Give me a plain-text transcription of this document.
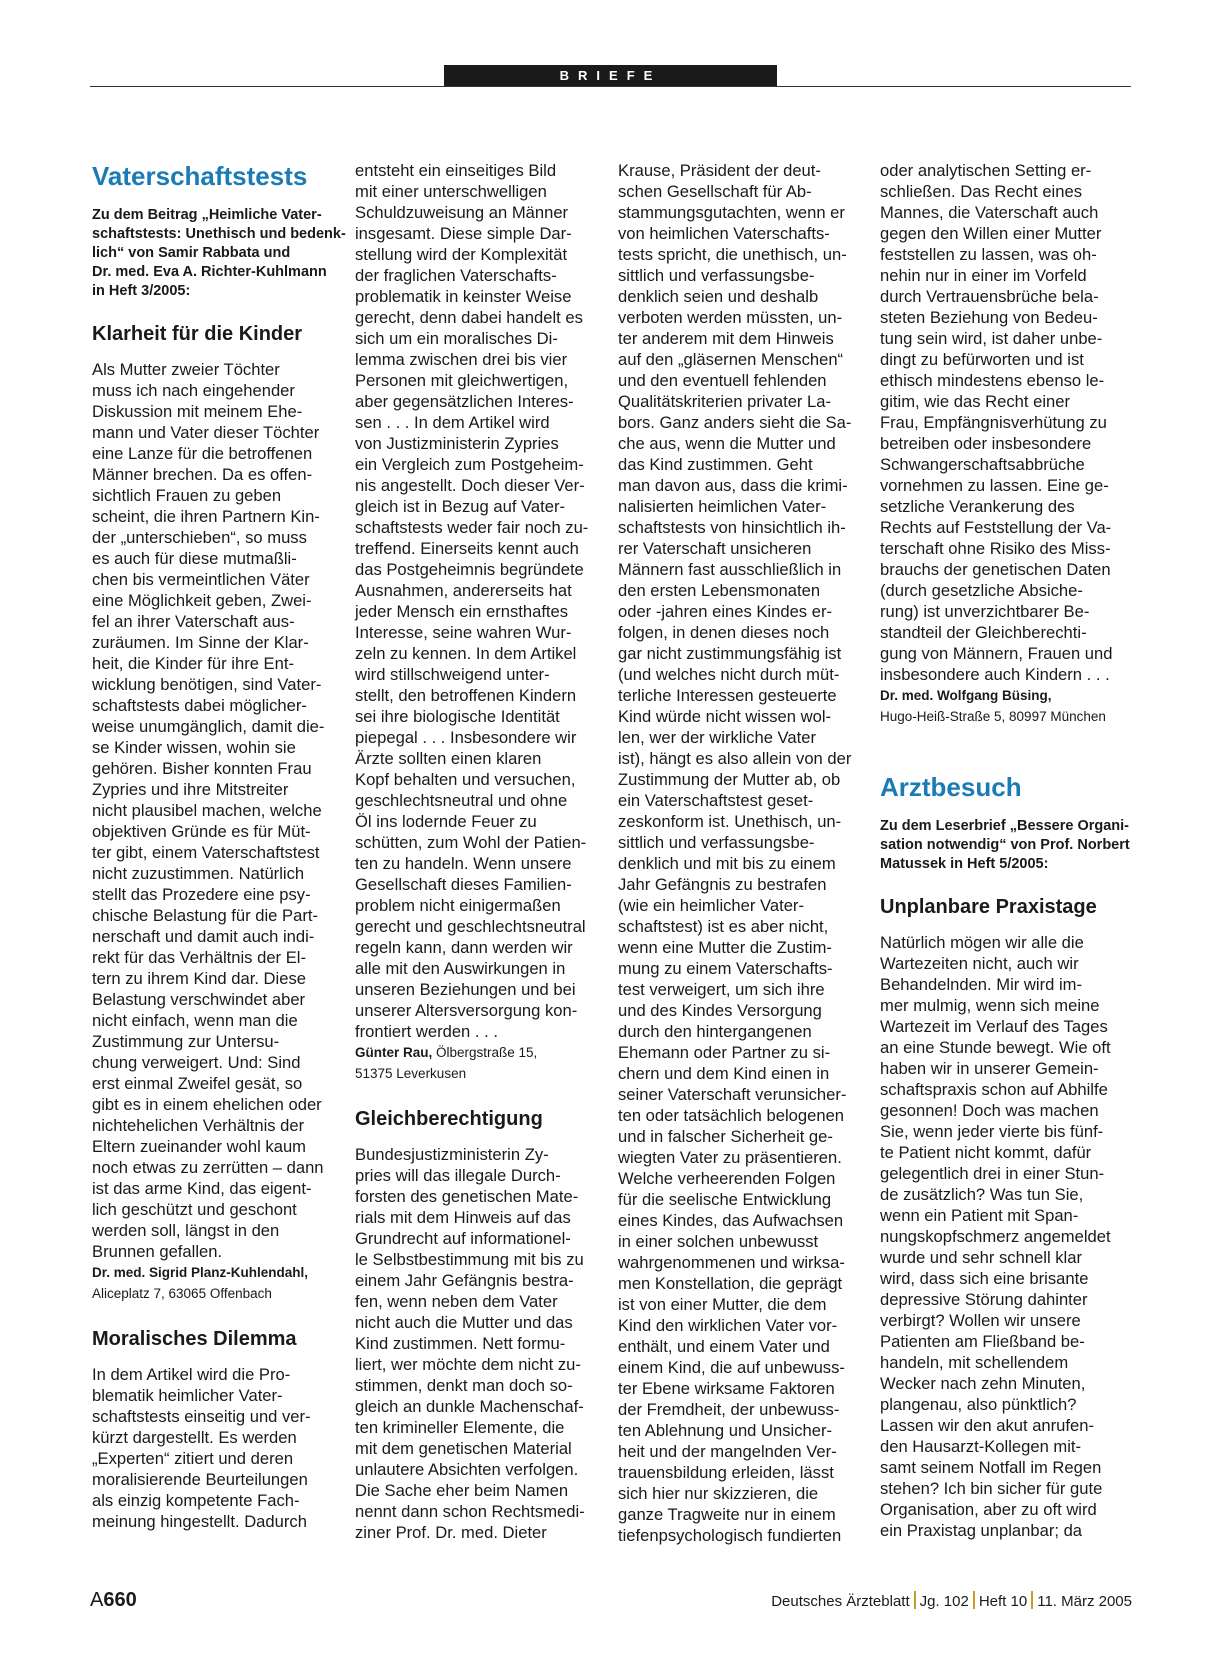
BRIEFE
Vaterschaftstests
Zu dem Beitrag „Heimliche Vater-
schaftstests: Unethisch und bedenk-
lich“ von Samir Rabbata und
Dr. med. Eva A. Richter-Kuhlmann
in Heft 3/2005:
Klarheit für die Kinder
Als Mutter zweier Töchter
muss ich nach eingehender
Diskussion mit meinem Ehe-
mann und Vater dieser Töchter
eine Lanze für die betroffenen
Männer brechen. Da es offen-
sichtlich Frauen zu geben
scheint, die ihren Partnern Kin-
der „unterschieben“, so muss
es auch für diese mutmaßli-
chen bis vermeintlichen Väter
eine Möglichkeit geben, Zwei-
fel an ihrer Vaterschaft aus-
zuräumen. Im Sinne der Klar-
heit, die Kinder für ihre Ent-
wicklung benötigen, sind Vater-
schaftstests dabei möglicher-
weise unumgänglich, damit die-
se Kinder wissen, wohin sie
gehören. Bisher konnten Frau
Zypries und ihre Mitstreiter
nicht plausibel machen, welche
objektiven Gründe es für Müt-
ter gibt, einem Vaterschaftstest
nicht zuzustimmen. Natürlich
stellt das Prozedere eine psy-
chische Belastung für die Part-
nerschaft und damit auch indi-
rekt für das Verhältnis der El-
tern zu ihrem Kind dar. Diese
Belastung verschwindet aber
nicht einfach, wenn man die
Zustimmung zur Untersu-
chung verweigert. Und: Sind
erst einmal Zweifel gesät, so
gibt es in einem ehelichen oder
nichtehelichen Verhältnis der
Eltern zueinander wohl kaum
noch etwas zu zerrütten – dann
ist das arme Kind, das eigent-
lich geschützt und geschont
werden soll, längst in den
Brunnen gefallen.
Dr. med. Sigrid Planz-Kuhlendahl,
Aliceplatz 7, 63065 Offenbach
Moralisches Dilemma
In dem Artikel wird die Pro-
blematik heimlicher Vater-
schaftstests einseitig und ver-
kürzt dargestellt. Es werden
„Experten“ zitiert und deren
moralisierende Beurteilungen
als einzig kompetente Fach-
meinung hingestellt. Dadurch
entsteht ein einseitiges Bild
mit einer unterschwelligen
Schuldzuweisung an Männer
insgesamt. Diese simple Dar-
stellung wird der Komplexität
der fraglichen Vaterschafts-
problematik in keinster Weise
gerecht, denn dabei handelt es
sich um ein moralisches Di-
lemma zwischen drei bis vier
Personen mit gleichwertigen,
aber gegensätzlichen Interes-
sen . . . In dem Artikel wird
von Justizministerin Zypries
ein Vergleich zum Postgeheim-
nis angestellt. Doch dieser Ver-
gleich ist in Bezug auf Vater-
schaftstests weder fair noch zu-
treffend. Einerseits kennt auch
das Postgeheimnis begründete
Ausnahmen, andererseits hat
jeder Mensch ein ernsthaftes
Interesse, seine wahren Wur-
zeln zu kennen. In dem Artikel
wird stillschweigend unter-
stellt, den betroffenen Kindern
sei ihre biologische Identität
piepegal . . . Insbesondere wir
Ärzte sollten einen klaren
Kopf behalten und versuchen,
geschlechtsneutral und ohne
Öl ins lodernde Feuer zu
schütten, zum Wohl der Patien-
ten zu handeln. Wenn unsere
Gesellschaft dieses Familien-
problem nicht einigermaßen
gerecht und geschlechtsneutral
regeln kann, dann werden wir
alle mit den Auswirkungen in
unseren Beziehungen und bei
unserer Altersversorgung kon-
frontiert werden . . .
Günter Rau, Ölbergstraße 15,
51375 Leverkusen
Gleichberechtigung
Bundesjustizministerin Zy-
pries will das illegale Durch-
forsten des genetischen Mate-
rials mit dem Hinweis auf das
Grundrecht auf informationel-
le Selbstbestimmung mit bis zu
einem Jahr Gefängnis bestra-
fen, wenn neben dem Vater
nicht auch die Mutter und das
Kind zustimmen. Nett formu-
liert, wer möchte dem nicht zu-
stimmen, denkt man doch so-
gleich an dunkle Machenschaf-
ten krimineller Elemente, die
mit dem genetischen Material
unlautere Absichten verfolgen.
Die Sache eher beim Namen
nennt dann schon Rechtsmedi-
ziner Prof. Dr. med. Dieter
Krause, Präsident der deut-
schen Gesellschaft für Ab-
stammungsgutachten, wenn er
von heimlichen Vaterschafts-
tests spricht, die unethisch, un-
sittlich und verfassungsbe-
denklich seien und deshalb
verboten werden müssten, un-
ter anderem mit dem Hinweis
auf den „gläsernen Menschen“
und den eventuell fehlenden
Qualitätskriterien privater La-
bors. Ganz anders sieht die Sa-
che aus, wenn die Mutter und
das Kind zustimmen. Geht
man davon aus, dass die krimi-
nalisierten heimlichen Vater-
schaftstests von hinsichtlich ih-
rer Vaterschaft unsicheren
Männern fast ausschließlich in
den ersten Lebensmonaten
oder -jahren eines Kindes er-
folgen, in denen dieses noch
gar nicht zustimmungsfähig ist
(und welches nicht durch müt-
terliche Interessen gesteuerte
Kind würde nicht wissen wol-
len, wer der wirkliche Vater
ist), hängt es also allein von der
Zustimmung der Mutter ab, ob
ein Vaterschaftstest geset-
zeskonform ist. Unethisch, un-
sittlich und verfassungsbe-
denklich und mit bis zu einem
Jahr Gefängnis zu bestrafen
(wie ein heimlicher Vater-
schaftstest) ist es aber nicht,
wenn eine Mutter die Zustim-
mung zu einem Vaterschafts-
test verweigert, um sich ihre
und des Kindes Versorgung
durch den hintergangenen
Ehemann oder Partner zu si-
chern und dem Kind einen in
seiner Vaterschaft verunsicher-
ten oder tatsächlich belogenen
und in falscher Sicherheit ge-
wiegten Vater zu präsentieren.
Welche verheerenden Folgen
für die seelische Entwicklung
eines Kindes, das Aufwachsen
in einer solchen unbewusst
wahrgenommenen und wirksa-
men Konstellation, die geprägt
ist von einer Mutter, die dem
Kind den wirklichen Vater vor-
enthält, und einem Vater und
einem Kind, die auf unbewuss-
ter Ebene wirksame Faktoren
der Fremdheit, der unbewuss-
ten Ablehnung und Unsicher-
heit und der mangelnden Ver-
trauensbildung erleiden, lässt
sich hier nur skizzieren, die
ganze Tragweite nur in einem
tiefenpsychologisch fundierten
oder analytischen Setting er-
schließen. Das Recht eines
Mannes, die Vaterschaft auch
gegen den Willen einer Mutter
feststellen zu lassen, was oh-
nehin nur in einer im Vorfeld
durch Vertrauensbrüche bela-
steten Beziehung von Bedeu-
tung sein wird, ist daher unbe-
dingt zu befürworten und ist
ethisch mindestens ebenso le-
gitim, wie das Recht einer
Frau, Empfängnisverhütung zu
betreiben oder insbesondere
Schwangerschaftsabbrüche
vornehmen zu lassen. Eine ge-
setzliche Verankerung des
Rechts auf Feststellung der Va-
terschaft ohne Risiko des Miss-
brauchs der genetischen Daten
(durch gesetzliche Absiche-
rung) ist unverzichtbarer Be-
standteil der Gleichberechti-
gung von Männern, Frauen und
insbesondere auch Kindern . . .
Dr. med. Wolfgang Büsing,
Hugo-Heiß-Straße 5, 80997 München
Arztbesuch
Zu dem Leserbrief „Bessere Organi-
sation notwendig“ von Prof. Norbert
Matussek in Heft 5/2005:
Unplanbare Praxistage
Natürlich mögen wir alle die
Wartezeiten nicht, auch wir
Behandelnden. Mir wird im-
mer mulmig, wenn sich meine
Wartezeit im Verlauf des Tages
an eine Stunde bewegt. Wie oft
haben wir in unserer Gemein-
schaftspraxis schon auf Abhilfe
gesonnen! Doch was machen
Sie, wenn jeder vierte bis fünf-
te Patient nicht kommt, dafür
gelegentlich drei in einer Stun-
de zusätzlich? Was tun Sie,
wenn ein Patient mit Span-
nungskopfschmerz angemeldet
wurde und sehr schnell klar
wird, dass sich eine brisante
depressive Störung dahinter
verbirgt? Wollen wir unsere
Patienten am Fließband be-
handeln, mit schellendem
Wecker nach zehn Minuten,
plangenau, also pünktlich?
Lassen wir den akut anrufen-
den Hausarzt-Kollegen mit-
samt seinem Notfall im Regen
stehen? Ich bin sicher für gute
Organisation, aber zu oft wird
ein Praxistag unplanbar; da
A660	Deutsches Ärzteblatt Jg. 102 Heft 10 11. März 2005
